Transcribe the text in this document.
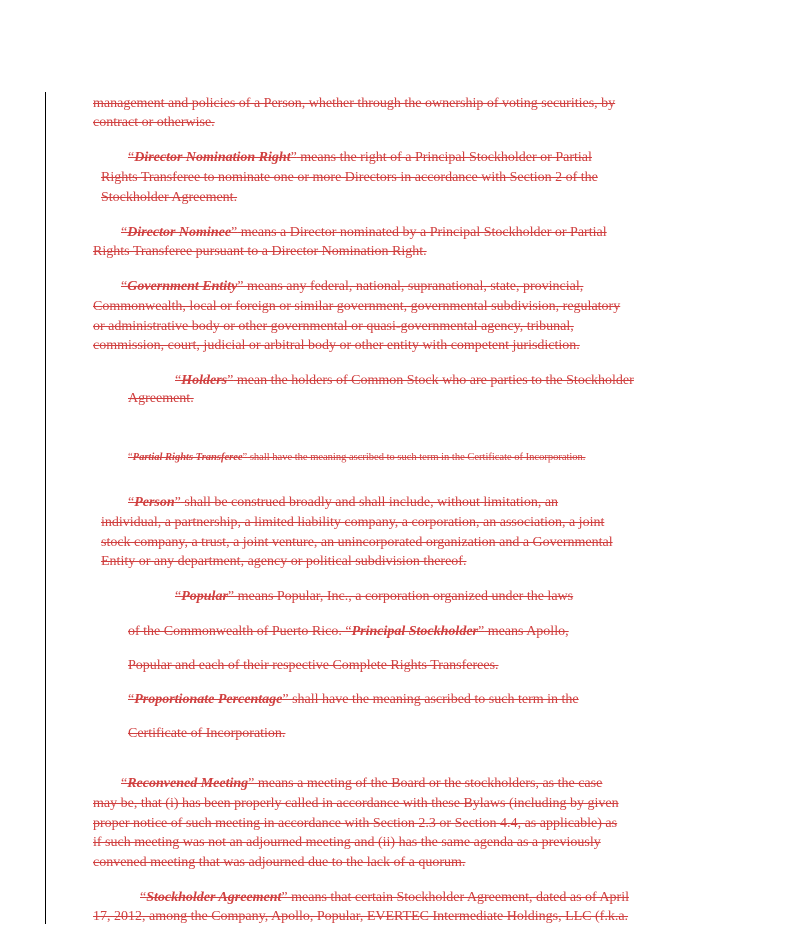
management and policies of a Person, whether through the ownership of voting securities, by

contract or otherwise.

“Director Nomination Right” means the right of a Principal Stockholder or Partial

Rights Transferee to nominate one or more Directors in accordance with Section 2 of the

Stockholder Agreement.

“Director Nominee” means a Director nominated by a Principal Stockholder or Partial

Rights Transferee pursuant to a Director Nomination Right.

“Government Entity” means any federal, national, supranational, state, provincial,

Commonwealth, local or foreign or similar government, governmental subdivision, regulatory

or administrative body or other governmental or quasi-governmental agency, tribunal,

commission, court, judicial or arbitral body or other entity with competent jurisdiction.

“Holders” mean the holders of Common Stock who are parties to the Stockholder

Agreement.

“Partial Rights Transferee” shall have the meaning ascribed to such term in the Certificate of Incorporation.

“Person” shall be construed broadly and shall include, without limitation, an

individual, a partnership, a limited liability company, a corporation, an association, a joint

stock company, a trust, a joint venture, an unincorporated organization and a Governmental

Entity or any department, agency or political subdivision thereof.

“Popular” means Popular, Inc., a corporation organized under the laws

of the Commonwealth of Puerto Rico. “Principal Stockholder” means Apollo,

Popular and each of their respective Complete Rights Transferees.

“Proportionate Percentage” shall have the meaning ascribed to such term in the

Certificate of Incorporation.

“Reconvened Meeting” means a meeting of the Board or the stockholders, as the case

may be, that (i) has been properly called in accordance with these Bylaws (including by given

proper notice of such meeting in accordance with Section 2.3 or Section 4.4, as applicable) as

if such meeting was not an adjourned meeting and (ii) has the same agenda as a previously

convened meeting that was adjourned due to the lack of a quorum.

“Stockholder Agreement” means that certain Stockholder Agreement, dated as of April

17, 2012, among the Company, Apollo, Popular, EVERTEC Intermediate Holdings, LLC (f.k.a.
